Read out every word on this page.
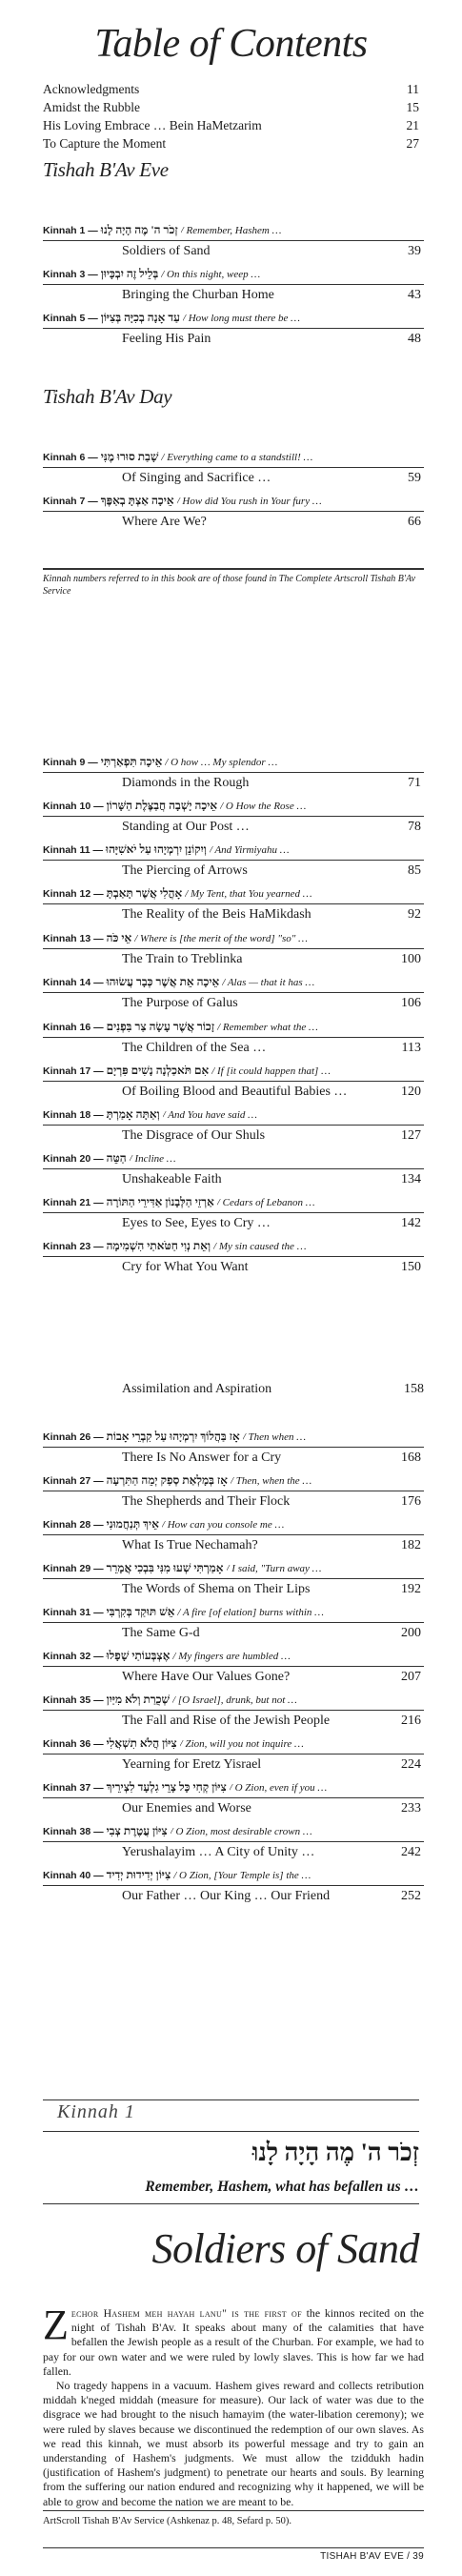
Table of Contents
Acknowledgments	11
Amidst the Rubble	15
His Loving Embrace … Bein HaMetzarim	21
To Capture the Moment	27
Tishah B'Av Eve
Kinnah 1 — זְכֹר ה' מֶה הָיָה לָנוּ / Remember, Hashem …
Soldiers of Sand	39
Kinnah 3 — בְּלֵיל זֶה יִבְכָּיוּן / On this night, weep …
Bringing the Churban Home	43
Kinnah 5 — עַד אָנָה בְכִיָּה בְּצִיּוֹן / How long must there be …
Feeling His Pain	48
Tishah B'Av Day
Kinnah 6 — שָׁבַת סוּרוּ מֶנִּי / Everything came to a standstill! …
Of Singing and Sacrifice …	59
Kinnah 7 — אֵיכָה אַצְתָּ בְאַפֶּךָ / How did You rush in Your fury …
Where Are We?	66
Kinnah numbers referred to in this book are of those found in The Complete Artscroll Tishah B'Av Service
Kinnah 9 — אֵיכָה תִּפְאַרְתִּי / O how … My splendor …
Diamonds in the Rough	71
Kinnah 10 — אֵיכָה יָשְׁבָה חֲבַצֶּלֶת הַשָּׁרוֹן / O How the Rose …
Standing at Our Post …	78
Kinnah 11 — וְיִקוֹנֵן יִרְמְיָהוּ עַל יֹאשִׁיָּהוּ / And Yirmiyahu …
The Piercing of Arrows	85
Kinnah 12 — אָהֳלִי אֲשֶׁר תָּאַבְתָּ / My Tent, that You yearned …
The Reality of the Beis HaMikdash	92
Kinnah 13 — אֵי כֹּה / Where is [the merit of the word] "so" …
The Train to Treblinka	100
Kinnah 14 — אֵיכָה אֵת אֲשֶׁר כְּבָר עֲשׂוּהוּ / Alas — that it has …
The Purpose of Galus	106
Kinnah 16 — זָכוֹר אֲשֶׁר עָשָׂה צַר בִּפְנִים / Remember what the …
The Children of the Sea …	113
Kinnah 17 — אִם תֹּאכַלְנָה נָשִׁים פִּרְיָם / If [it could happen that] …
Of Boiling Blood and Beautiful Babies …	120
Kinnah 18 — וְאַתָּה אָמַרְתָּ / And You have said …
The Disgrace of Our Shuls	127
Kinnah 20 — הַטֵּה / Incline …
Unshakeable Faith	134
Kinnah 21 — אַרְזֵי הַלְּבָנוֹן אַדִּירֵי הַתּוֹרָה / Cedars of Lebanon …
Eyes to See, Eyes to Cry …	142
Kinnah 23 — וְאֵת נְוִי חַטֹּאתַי הִשְׁמִימָה / My sin caused the …
Cry for What You Want	150
Assimilation and Aspiration	158
Kinnah 26 — אָז בַּהֲלוֹךְ יִרְמְיָהוּ עַל קִבְרֵי אָבוֹת / Then when …
There Is No Answer for a Cry	168
Kinnah 27 — אָז בְּמָלְאַת סְפַק יְמֵה הַתִּרְעָה / Then, when the …
The Shepherds and Their Flock	176
Kinnah 28 — אֵיךְ תְּנַחֲמוּנִי / How can you console me …
What Is True Nechamah?	182
Kinnah 29 — אָמַרְתִּי שְׁעוּ מִנִּי בִּבְכִי אֲמָרֵר / I said, "Turn away …
The Words of Shema on Their Lips	192
Kinnah 31 — אֵשׁ תּוּקַד בְּקִרְבִּי / A fire [of elation] burns within …
The Same G-d	200
Kinnah 32 — אֶצְבְּעוֹתַי שָׁפָלוּ / My fingers are humbled …
Where Have Our Values Gone?	207
Kinnah 35 — שְׁכֻרַת וְלֹא מִיַּיִן / [O Israel], drunk, but not …
The Fall and Rise of the Jewish People	216
Kinnah 36 — צִיּוֹן הֲלֹא תִשְׁאֲלִי / Zion, will you not inquire …
Yearning for Eretz Yisrael	224
Kinnah 37 — צִיּוֹן קְחִי כָּל צָרֵי גִלְעָד לִצְירֵיךְ / O Zion, even if you …
Our Enemies and Worse	233
Kinnah 38 — צִיּוֹן עֲטֶרֶת צְבִי / O Zion, most desirable crown …
Yerushalayim … A City of Unity …	242
Kinnah 40 — צִיּוֹן יְדִידוּת יְדִיד / O Zion, [Your Temple is] the …
Our Father … Our King … Our Friend	252
Kinnah 1
זְכֹר ה' מֶה הָיָה לָנוּ
Remember, Hashem, what has befallen us …
Soldiers of Sand

Zechor Hashem meh hayah lanu" is the first of the kinnos recited on the night of Tishah B'Av. It speaks about many of the calamities that have befallen the Jewish people as a result of the Churban. For example, we had to pay for our own water and we were ruled by lowly slaves. This is how far we had fallen.

No tragedy happens in a vacuum. Hashem gives reward and collects retribution middah k'neged middah (measure for measure). Our lack of water was due to the disgrace we had brought to the nisuch hamayim (the water-libation ceremony); we were ruled by slaves because we discontinued the redemption of our own slaves. As we read this kinnah, we must absorb its powerful message and try to gain an understanding of Hashem's judgments. We must allow the tziddukh hadin (justification of Hashem's judgment) to penetrate our hearts and souls. By learning from the suffering our nation endured and recognizing why it happened, we will be able to grow and become the nation we are meant to be.

ArtScroll Tishah B'Av Service (Ashkenaz p. 48, Sefard p. 50).
TISHAH B'AV EVE / 39
